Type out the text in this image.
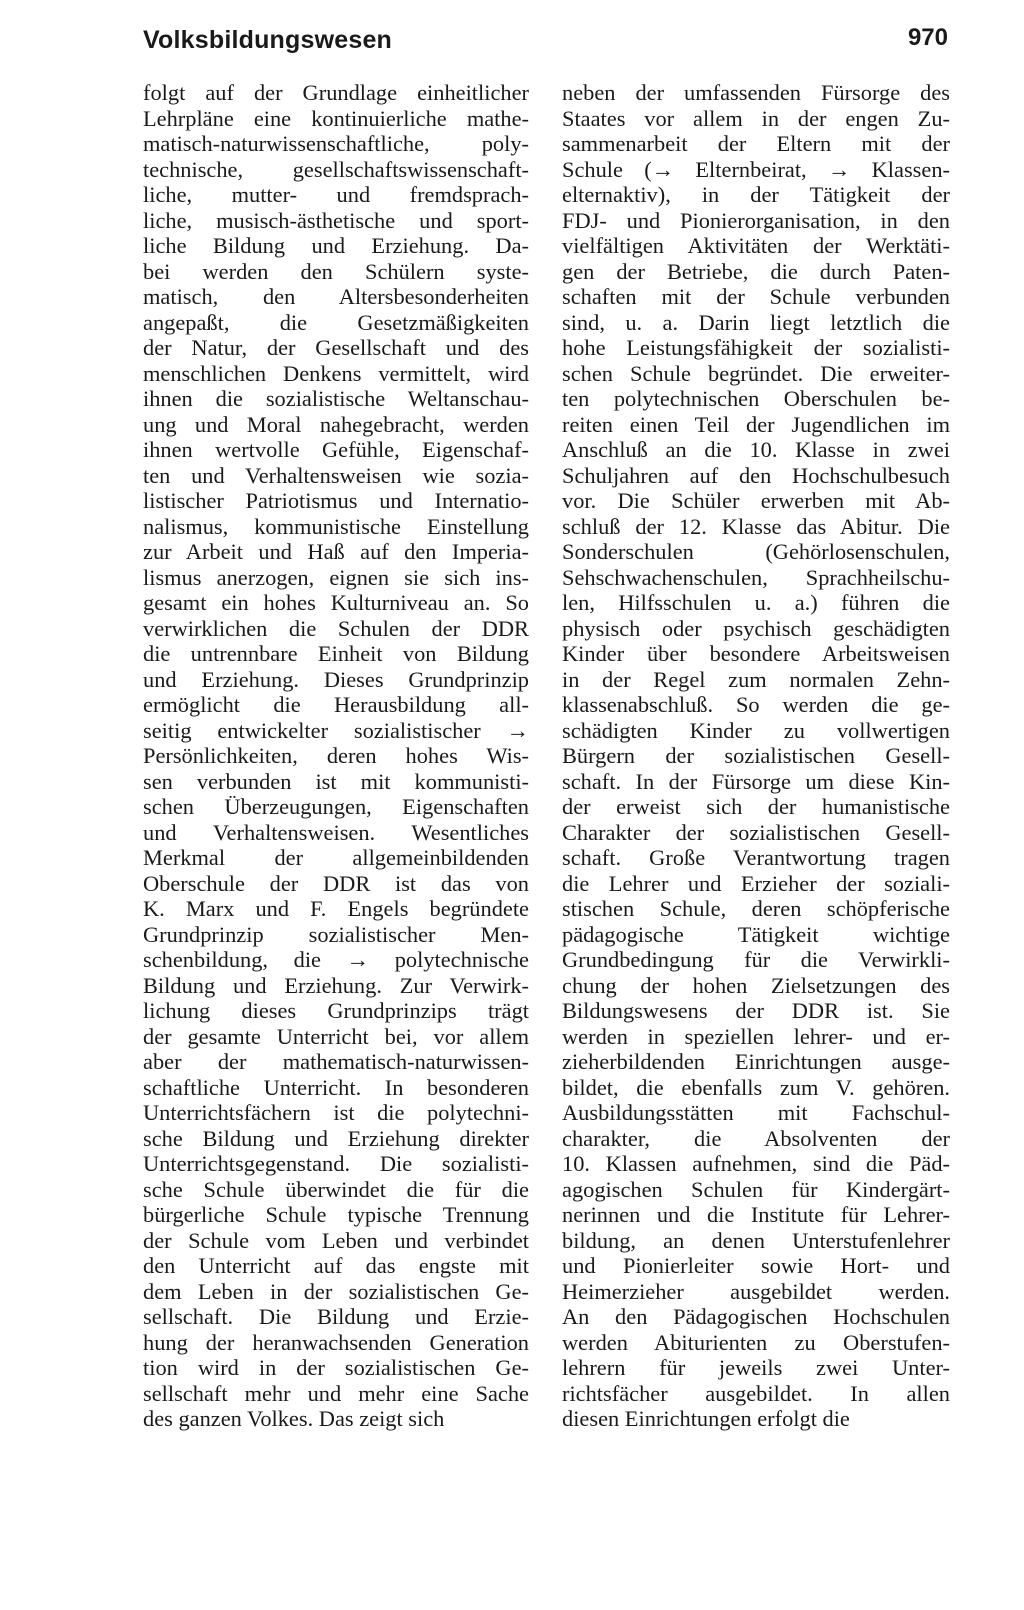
Volksbildungswesen	970
folgt auf der Grundlage einheitlicher
Lehrpläne eine kontinuierliche mathe-
matisch-naturwissenschaftliche, poly-
technische, gesellschaftswissenschaft-
liche, mutter- und fremdsprach-
liche, musisch-ästhetische und sport-
liche Bildung und Erziehung. Da-
bei werden den Schülern syste-
matisch, den Altersbesonderheiten
angepaßt, die Gesetzmäßigkeiten
der Natur, der Gesellschaft und des
menschlichen Denkens vermittelt, wird
ihnen die sozialistische Weltanschau-
ung und Moral nahegebracht, werden
ihnen wertvolle Gefühle, Eigenschaf-
ten und Verhaltensweisen wie sozia-
listischer Patriotismus und Internatio-
nalismus, kommunistische Einstellung
zur Arbeit und Haß auf den Imperia-
lismus anerzogen, eignen sie sich ins-
gesamt ein hohes Kulturniveau an. So
verwirklichen die Schulen der DDR
die untrennbare Einheit von Bildung
und Erziehung. Dieses Grundprinzip
ermöglicht die Herausbildung all-
seitig entwickelter sozialistischer →
Persönlichkeiten, deren hohes Wis-
sen verbunden ist mit kommunisti-
schen Überzeugungen, Eigenschaften
und Verhaltensweisen. Wesentliches
Merkmal der allgemeinbildenden
Oberschule der DDR ist das von
K. Marx und F. Engels begründete
Grundprinzip sozialistischer Men-
schenbildung, die → polytechnische
Bildung und Erziehung. Zur Verwirk-
lichung dieses Grundprinzips trägt
der gesamte Unterricht bei, vor allem
aber der mathematisch-naturwissen-
schaftliche Unterricht. In besonderen
Unterrichtsfächern ist die polytechni-
sche Bildung und Erziehung direkter
Unterrichtsgegenstand. Die sozialisti-
sche Schule überwindet die für die
bürgerliche Schule typische Trennung
der Schule vom Leben und verbindet
den Unterricht auf das engste mit
dem Leben in der sozialistischen Ge-
sellschaft. Die Bildung und Erzie-
hung der heranwachsenden Generation
tion wird in der sozialistischen Ge-
sellschaft mehr und mehr eine Sache
des ganzen Volkes. Das zeigt sich
neben der umfassenden Fürsorge des
Staates vor allem in der engen Zu-
sammenarbeit der Eltern mit der
Schule (→ Elternbeirat, → Klassen-
elternaktiv), in der Tätigkeit der
FDJ- und Pionierorganisation, in den
vielfältigen Aktivitäten der Werktäti-
gen der Betriebe, die durch Paten-
schaften mit der Schule verbunden
sind, u. a. Darin liegt letztlich die
hohe Leistungsfähigkeit der sozialisti-
schen Schule begründet. Die erweiter-
ten polytechnischen Oberschulen be-
reiten einen Teil der Jugendlichen im
Anschluß an die 10. Klasse in zwei
Schuljahren auf den Hochschulbesuch
vor. Die Schüler erwerben mit Ab-
schluß der 12. Klasse das Abitur. Die
Sonderschulen (Gehörlosenschulen,
Sehschwachenschulen, Sprachheilschu-
len, Hilfsschulen u. a.) führen die
physisch oder psychisch geschädigten
Kinder über besondere Arbeitsweisen
in der Regel zum normalen Zehn-
klassenabschluß. So werden die ge-
schädigten Kinder zu vollwertigen
Bürgern der sozialistischen Gesell-
schaft. In der Fürsorge um diese Kin-
der erweist sich der humanistische
Charakter der sozialistischen Gesell-
schaft. Große Verantwortung tragen
die Lehrer und Erzieher der soziali-
stischen Schule, deren schöpferische
pädagogische Tätigkeit wichtige
Grundbedingung für die Verwirkli-
chung der hohen Zielsetzungen des
Bildungswesens der DDR ist. Sie
werden in speziellen lehrer- und er-
zieherbildenden Einrichtungen ausge-
bildet, die ebenfalls zum V. gehören.
Ausbildungsstätten mit Fachschul-
charakter, die Absolventen der
10. Klassen aufnehmen, sind die Päd-
agogischen Schulen für Kindergärt-
nerinnen und die Institute für Lehrer-
bildung, an denen Unterstufenlehrer
und Pionierleiter sowie Hort- und
Heimerzieher ausgebildet werden.
An den Pädagogischen Hochschulen
werden Abiturienten zu Oberstufen-
lehrern für jeweils zwei Unter-
richtsfächer ausgebildet. In allen
diesen Einrichtungen erfolgt die
